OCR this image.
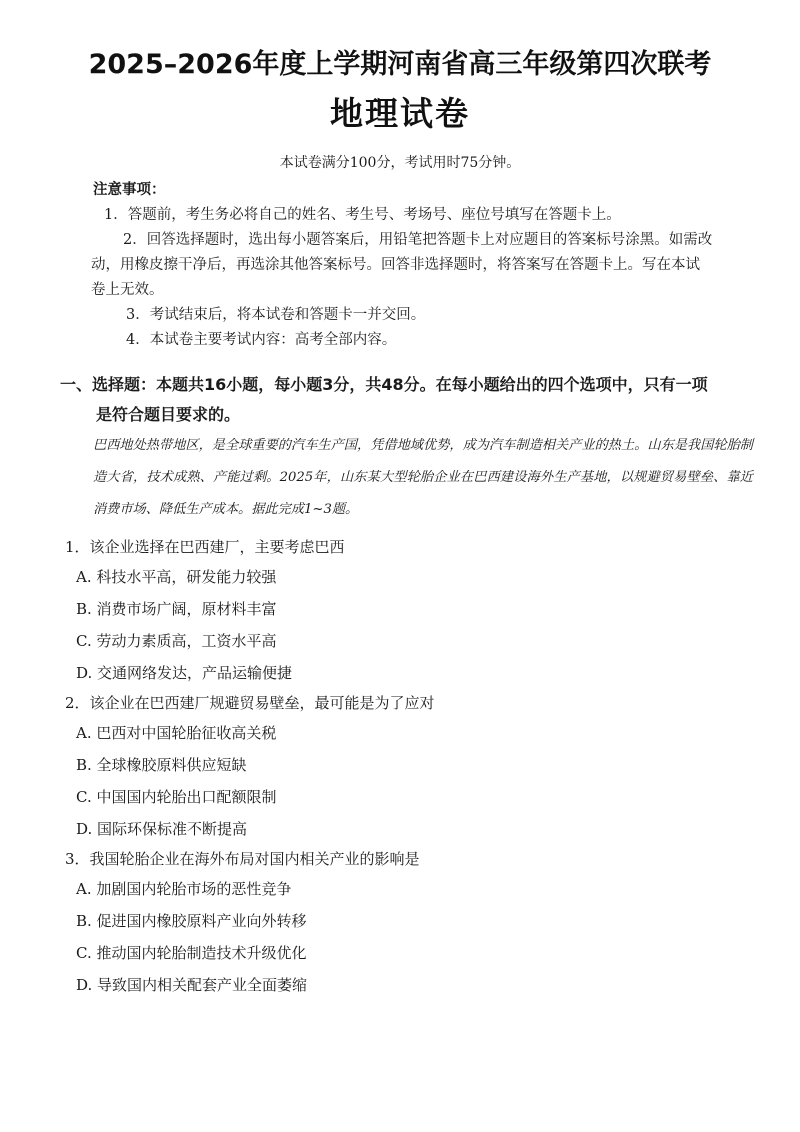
2025–2026年度上学期河南省高三年级第四次联考
地理试卷
本试卷满分100分，考试用时75分钟。
注意事项：

1．答题前，考生务必将自己的姓名、考生号、考场号、座位号填写在答题卡上。

2．回答选择题时，选出每小题答案后，用铅笔把答题卡上对应题目的答案标号涂黑。如需改动，用橡皮擦干净后，再选涂其他答案标号。回答非选择题时，将答案写在答题卡上。写在本试卷上无效。

3．考试结束后，将本试卷和答题卡一并交回。

4．本试卷主要考试内容：高考全部内容。

一、选择题：本题共16小题，每小题3分，共48分。在每小题给出的四个选项中，只有一项
是符合题目要求的。
巴西地处热带地区，是全球重要的汽车生产国，凭借地域优势，成为汽车制造相关产业的热土。山东是我国轮胎制造大省，技术成熟、产能过剩。2025年，山东某大型轮胎企业在巴西建设海外生产基地，以规避贸易壁垒、靠近消费市场、降低生产成本。据此完成1~3题。
1．该企业选择在巴西建厂，主要考虑巴西
A. 科技水平高，研发能力较强
B. 消费市场广阔，原材料丰富
C. 劳动力素质高，工资水平高
D. 交通网络发达，产品运输便捷
2．该企业在巴西建厂规避贸易壁垒，最可能是为了应对
A. 巴西对中国轮胎征收高关税
B. 全球橡胶原料供应短缺
C. 中国国内轮胎出口配额限制
D. 国际环保标准不断提高
3．我国轮胎企业在海外布局对国内相关产业的影响是
A. 加剧国内轮胎市场的恶性竞争
B. 促进国内橡胶原料产业向外转移
C. 推动国内轮胎制造技术升级优化
D. 导致国内相关配套产业全面萎缩
